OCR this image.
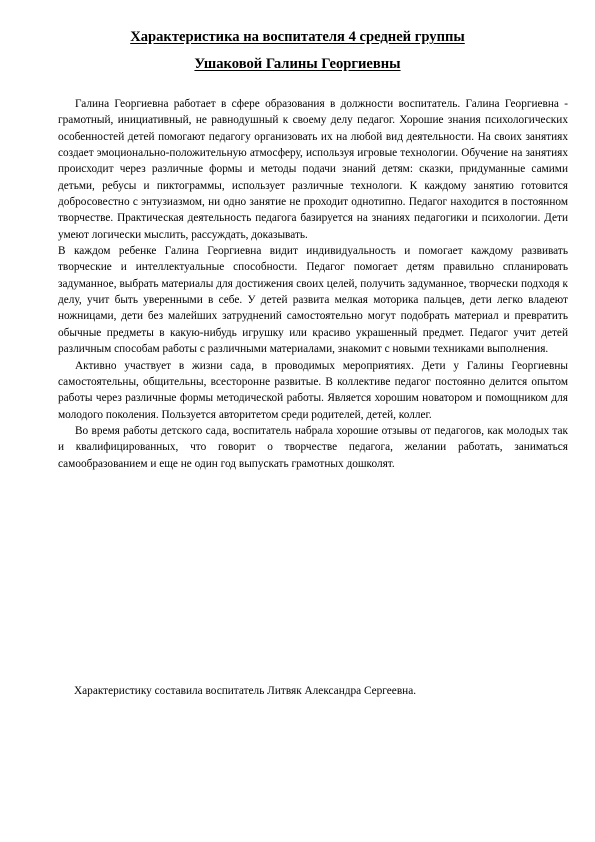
Характеристика на воспитателя 4 средней группы
Ушаковой Галины Георгиевны

Галина Георгиевна работает в сфере образования в должности воспитатель. Галина Георгиевна - грамотный, инициативный, не равнодушный к своему делу педагог. Хорошие знания психологических особенностей детей помогают педагогу организовать их на любой вид деятельности. На своих занятиях создает эмоционально-положительную атмосферу, используя игровые технологии. Обучение на занятиях происходит через различные формы и методы подачи знаний детям: сказки, придуманные самими детьми, ребусы и пиктограммы, использует различные технологи. К каждому занятию готовится добросовестно с энтузиазмом, ни одно занятие не проходит однотипно. Педагог находится в постоянном творчестве. Практическая деятельность педагога базируется на знаниях педагогики и психологии. Дети умеют логически мыслить, рассуждать, доказывать.

В каждом ребенке Галина Георгиевна видит индивидуальность и помогает каждому развивать творческие и интеллектуальные способности. Педагог помогает детям правильно спланировать задуманное, выбрать материалы для достижения своих целей, получить задуманное, творчески подходя к делу, учит быть уверенными в себе. У детей развита мелкая моторика пальцев, дети легко владеют ножницами, дети без малейших затруднений самостоятельно могут подобрать материал и превратить обычные предметы в какую-нибудь игрушку или красиво украшенный предмет. Педагог учит детей различным способам работы с различными материалами, знакомит с новыми техниками выполнения.

Активно участвует в жизни сада, в проводимых мероприятиях. Дети у Галины Георгиевны самостоятельны, общительны, всесторонне развитые. В коллективе педагог постоянно делится опытом работы через различные формы методической работы. Является хорошим новатором и помощником для молодого поколения. Пользуется авторитетом среди родителей, детей, коллег.

Во время работы детского сада, воспитатель набрала хорошие отзывы от педагогов, как молодых так и квалифицированных, что говорит о творчестве педагога, желании работать, заниматься самообразованием и еще не один год выпускать грамотных дошколят.

Характеристику составила воспитатель Литвяк Александра Сергеевна.
